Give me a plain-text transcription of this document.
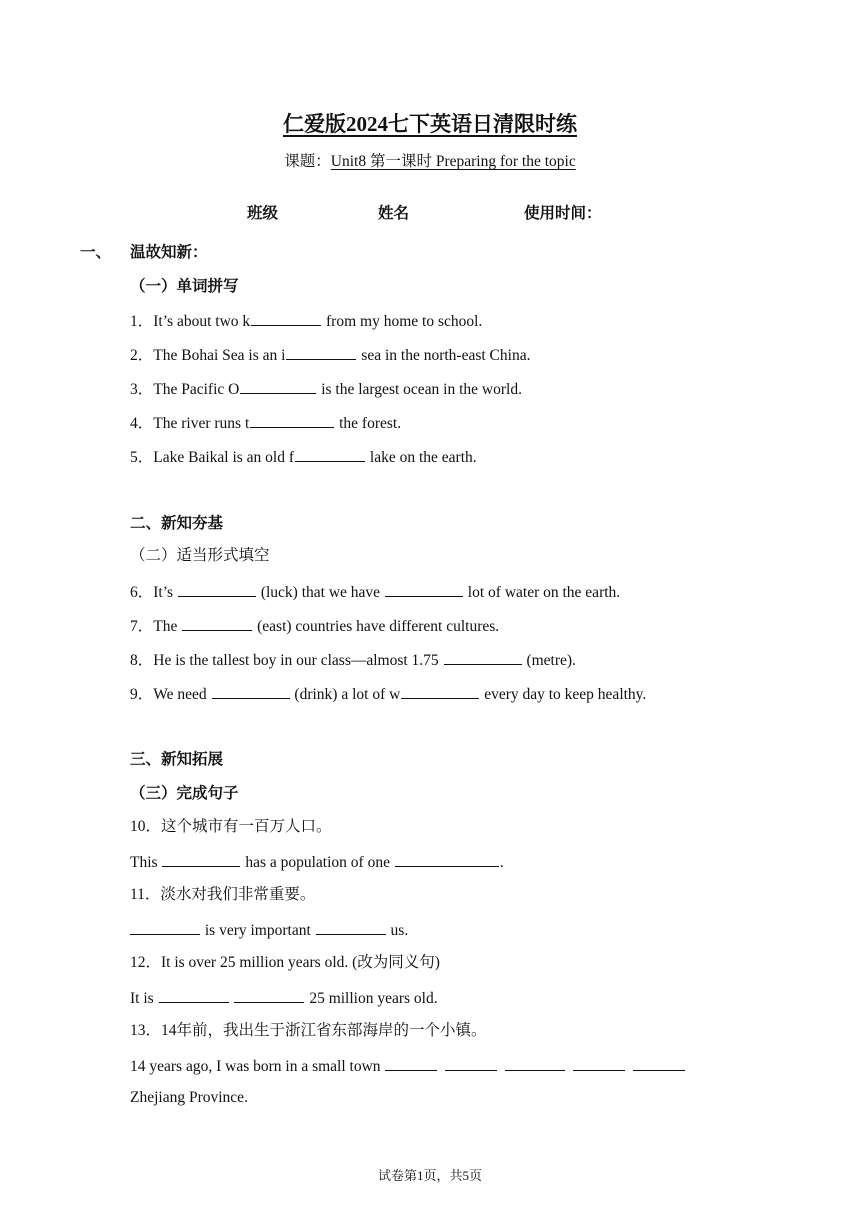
仁爱版2024七下英语日清限时练
课题：Unit8 第一课时 Preparing for the topic
班级	姓名	使用时间：
一、 温故知新：
（一）单词拼写
1．It’s about two k	from my home to school.
2．The Bohai Sea is an i	sea in the north-east China.
3．The Pacific O	is the largest ocean in the world.
4．The river runs t	the forest.
5．Lake Baikal is an old f	lake on the earth.
二、新知夯基
（二）适当形式填空
6．It’s	(luck) that we have	lot of water on the earth.
7．The	(east) countries have different cultures.
8．He is the tallest boy in our class—almost 1.75	(metre).
9．We need	(drink) a lot of w	every day to keep healthy.
三、新知拓展
（三）完成句子
10．这个城市有一百万人口。
This	has a population of one	.
11．淡水对我们非常重要。
is very important	us.
12．It is over 25 million years old. (改为同义句)
It is	25 million years old.
13．14年前，我出生于浙江省东部海岸的一个小镇。
14 years ago, I was born in a small town
Zhejiang Province.
试卷第1页，共5页
